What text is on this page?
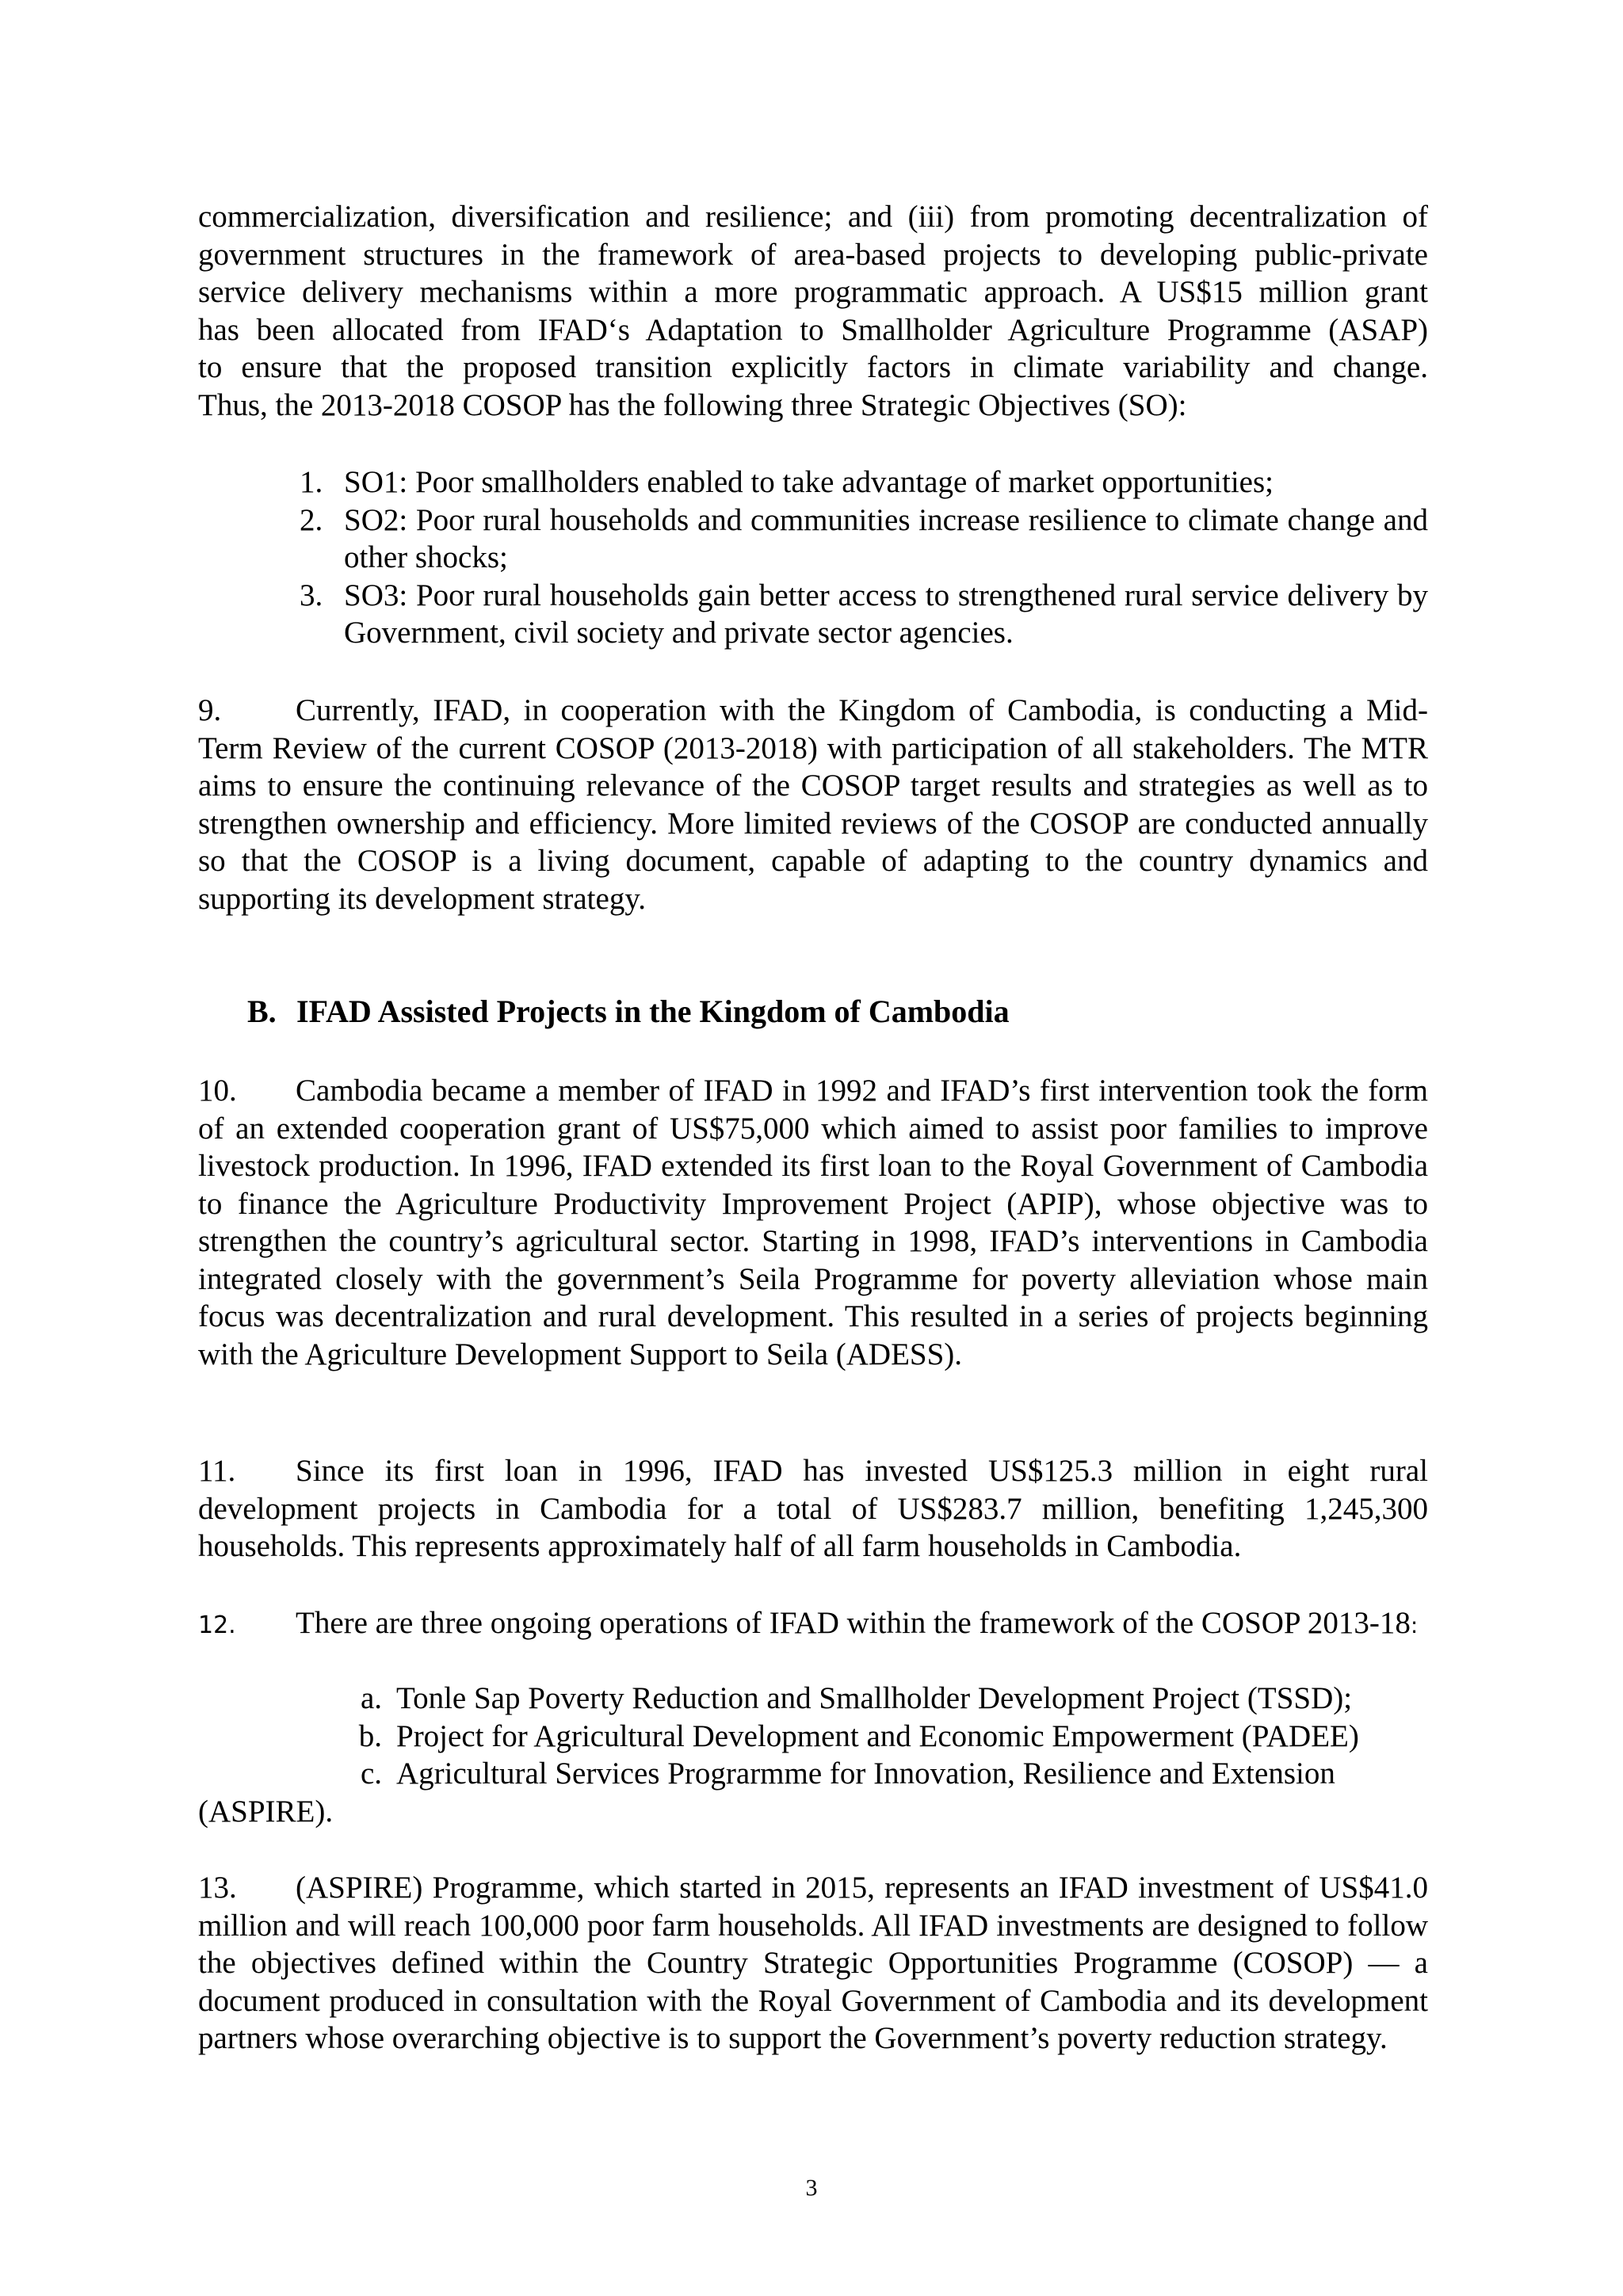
commercialization, diversification and resilience; and (iii) from promoting decentralization of
government structures in the framework of area-based projects to developing public-private
service delivery mechanisms within a more programmatic approach. A US$15 million grant
has been allocated from IFAD‘s Adaptation to Smallholder Agriculture Programme (ASAP)
to ensure that the proposed transition explicitly factors in climate variability and change.
Thus, the 2013-2018 COSOP has the following three Strategic Objectives (SO):
1. SO1: Poor smallholders enabled to take advantage of market opportunities;
2. SO2: Poor rural households and communities increase resilience to climate change and other shocks;
3. SO3: Poor rural households gain better access to strengthened rural service delivery by Government, civil society and private sector agencies.
9. Currently, IFAD, in cooperation with the Kingdom of Cambodia, is conducting a Mid-Term Review of the current COSOP (2013-2018) with participation of all stakeholders. The MTR aims to ensure the continuing relevance of the COSOP target results and strategies as well as to strengthen ownership and efficiency. More limited reviews of the COSOP are conducted annually so that the COSOP is a living document, capable of adapting to the country dynamics and supporting its development strategy.
B. IFAD Assisted Projects in the Kingdom of Cambodia
10. Cambodia became a member of IFAD in 1992 and IFAD’s first intervention took the form of an extended cooperation grant of US$75,000 which aimed to assist poor families to improve livestock production. In 1996, IFAD extended its first loan to the Royal Government of Cambodia to finance the Agriculture Productivity Improvement Project (APIP), whose objective was to strengthen the country’s agricultural sector. Starting in 1998, IFAD’s interventions in Cambodia integrated closely with the government’s Seila Programme for poverty alleviation whose main focus was decentralization and rural development. This resulted in a series of projects beginning with the Agriculture Development Support to Seila (ADESS).
11. Since its first loan in 1996, IFAD has invested US$125.3 million in eight rural development projects in Cambodia for a total of US$283.7 million, benefiting 1,245,300 households. This represents approximately half of all farm households in Cambodia.
12. There are three ongoing operations of IFAD within the framework of the COSOP 2013-18:
a. Tonle Sap Poverty Reduction and Smallholder Development Project (TSSD);
b. Project for Agricultural Development and Economic Empowerment (PADEE)
c. Agricultural Services Prograrmme for Innovation, Resilience and Extension
(ASPIRE).
13. (ASPIRE) Programme, which started in 2015, represents an IFAD investment of US$41.0 million and will reach 100,000 poor farm households. All IFAD investments are designed to follow the objectives defined within the Country Strategic Opportunities Programme (COSOP) — a document produced in consultation with the Royal Government of Cambodia and its development partners whose overarching objective is to support the Government’s poverty reduction strategy.
3
